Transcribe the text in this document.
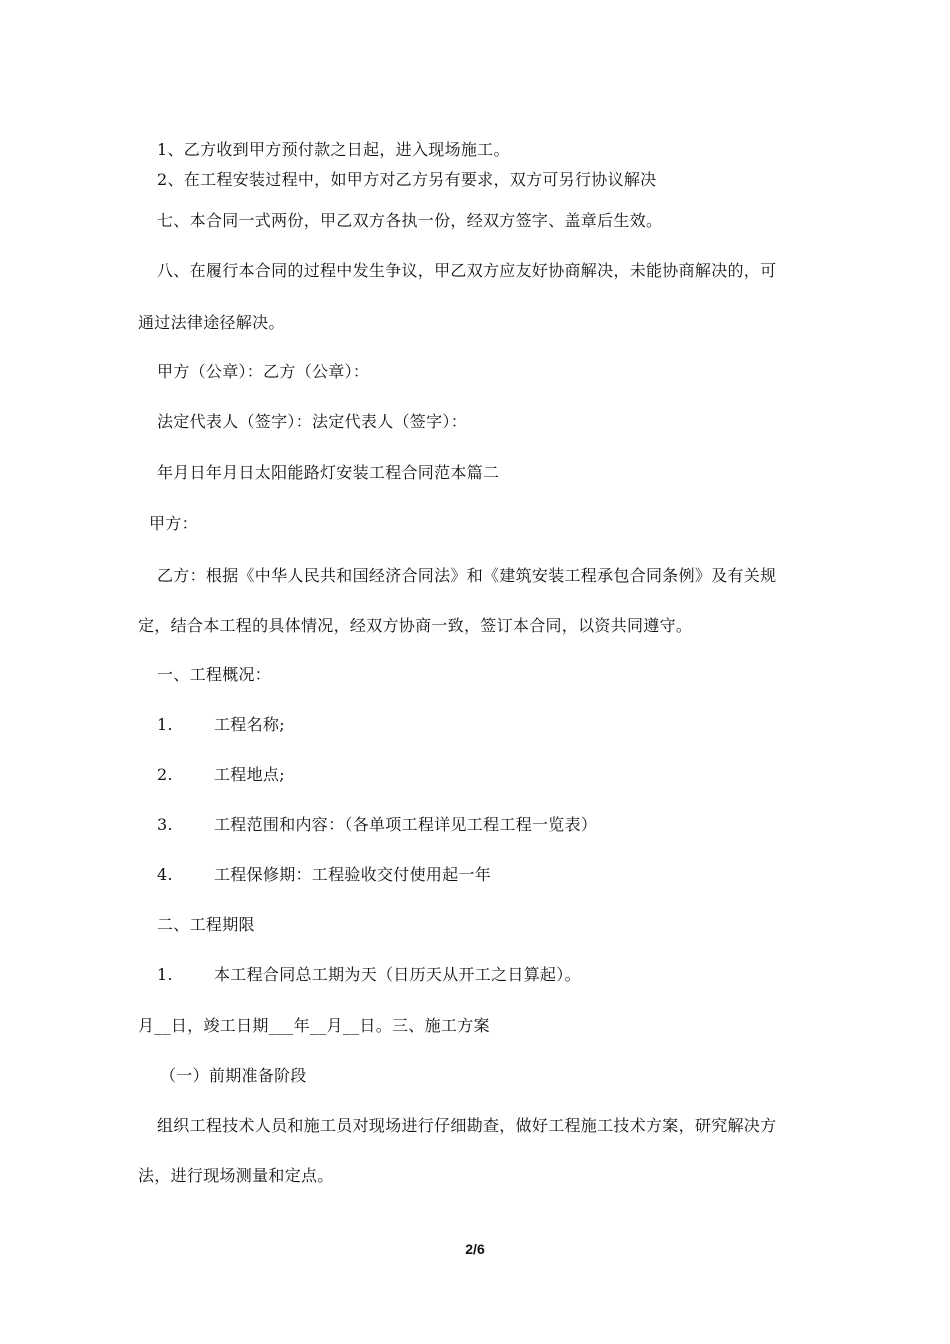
1、乙方收到甲方预付款之日起，进入现场施工。
2、在工程安装过程中，如甲方对乙方另有要求，双方可另行协议解决
七、本合同一式两份，甲乙双方各执一份，经双方签字、盖章后生效。
八、在履行本合同的过程中发生争议，甲乙双方应友好协商解决，未能协商解决的，可
通过法律途径解决。
甲方（公章）：乙方（公章）：
法定代表人（签字）：法定代表人（签字）：
年月日年月日太阳能路灯安装工程合同范本篇二
甲方：
乙方：根据《中华人民共和国经济合同法》和《建筑安装工程承包合同条例》及有关规
定，结合本工程的具体情况，经双方协商一致，签订本合同，以资共同遵守。
一、工程概况：
1.	工程名称;
2.	工程地点;
3.	工程范围和内容：（各单项工程详见工程工程一览表）
4.	工程保修期：工程验收交付使用起一年
二、工程期限
1.	本工程合同总工期为天（日历天从开工之日算起）。
月__日，竣工日期___年__月__日。三、施工方案
（一）前期准备阶段
组织工程技术人员和施工员对现场进行仔细勘查，做好工程施工技术方案，研究解决方
法，进行现场测量和定点。
2/6
